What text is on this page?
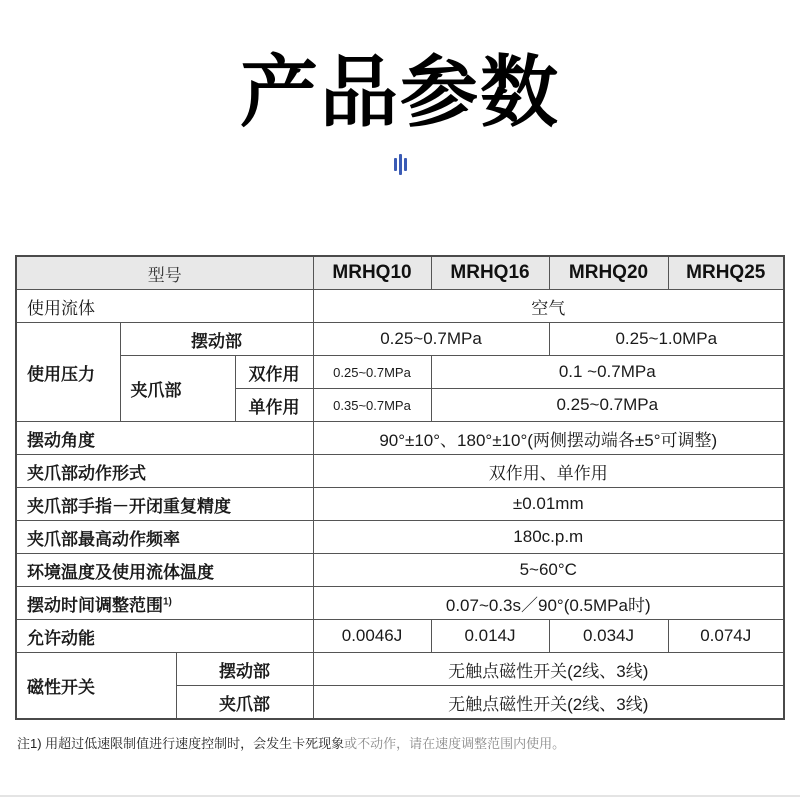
产品参数
型号				MRHQ10	MRHQ16	MRHQ20	MRHQ25
使用流体				空气			
使用压力	摆动部			0.25~0.7MPa		0.25~1.0MPa	
	夹爪部		双作用	0.25~0.7MPa	0.1 ~0.7MPa		
			单作用	0.35~0.7MPa	0.25~0.7MPa		
摆动角度				90°±10°、180°±10°(两侧摆动端各±5°可调整)			
夹爪部动作形式				双作用、单作用			
夹爪部手指－开闭重复精度				±0.01mm			
夹爪部最高动作频率				180c.p.m			
环境温度及使用流体温度				5~60°C			
摆动时间调整范围$^{1)}$				0.07~0.3s／90°(0.5MPa时)			
允许动能				0.0046J	0.014J	0.034J	0.074J
磁性开关		摆动部		无触点磁性开关(2线、3线)			
		夹爪部		无触点磁性开关(2线、3线)			
注1) 用超过低速限制值进行速度控制时，会发生卡死现象或不动作，请在速度调整范围内使用。
